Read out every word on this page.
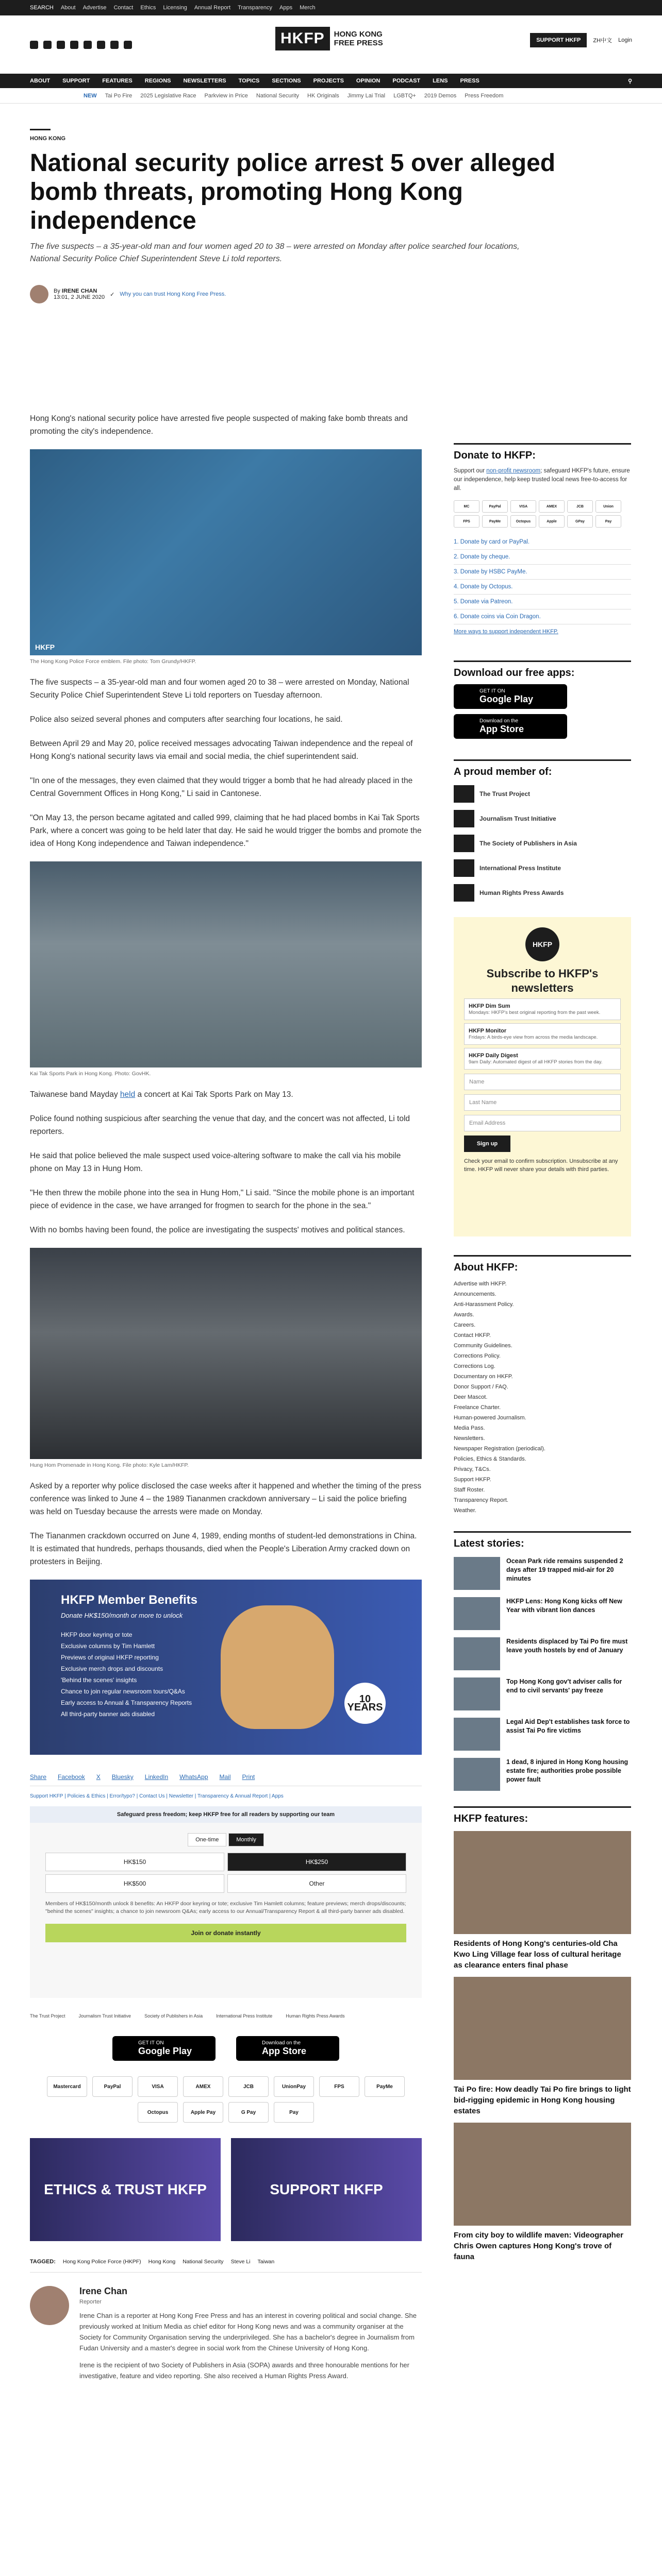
SEARCH About Advertise Contact Ethics Licensing Annual Report Transparency Apps Merch
HKFP	HONG KONG
FREE PRESS	SUPPORT HKFP	ZH中文 Login
ABOUT SUPPORT FEATURES REGIONS NEWSLETTERS TOPICS SECTIONS PROJECTS OPINION PODCAST LENS PRESS	⚲
NEW Tai Po Fire 2025 Legislative Race Parkview in Price National Security HK Originals Jimmy Lai Trial LGBTQ+ 2019 Demos Press Freedom
HONG KONG
National security police arrest 5 over alleged bomb threats, promoting Hong Kong independence
The five suspects – a 35-year-old man and four women aged 20 to 38 – were arrested on Monday after police searched four locations, National Security Police Chief Superintendent Steve Li told reporters.
By IRENE CHAN
13:01, 2 JUNE 2020 ✓ Why you can trust Hong Kong Free Press.

Hong Kong's national security police have arrested five people suspected of making fake bomb threats and promoting the city's independence.

HKFP
The Hong Kong Police Force emblem. File photo: Tom Grundy/HKFP.

The five suspects – a 35-year-old man and four women aged 20 to 38 – were arrested on Monday, National Security Police Chief Superintendent Steve Li told reporters on Tuesday afternoon.

Police also seized several phones and computers after searching four locations, he said.

Between April 29 and May 20, police received messages advocating Taiwan independence and the repeal of Hong Kong's national security laws via email and social media, the chief superintendent said.

"In one of the messages, they even claimed that they would trigger a bomb that he had already placed in the Central Government Offices in Hong Kong," Li said in Cantonese.

"On May 13, the person became agitated and called 999, claiming that he had placed bombs in Kai Tak Sports Park, where a concert was going to be held later that day. He said he would trigger the bombs and promote the idea of Hong Kong independence and Taiwan independence."

Kai Tak Sports Park in Hong Kong. Photo: GovHK.

Taiwanese band Mayday held a concert at Kai Tak Sports Park on May 13.

Police found nothing suspicious after searching the venue that day, and the concert was not affected, Li told reporters.

He said that police believed the male suspect used voice-altering software to make the call via his mobile phone on May 13 in Hung Hom.

"He then threw the mobile phone into the sea in Hung Hom," Li said. "Since the mobile phone is an important piece of evidence in the case, we have arranged for frogmen to search for the phone in the sea."

With no bombs having been found, the police are investigating the suspects' motives and political stances.

Hung Hom Promenade in Hong Kong. File photo: Kyle Lam/HKFP.

Asked by a reporter why police disclosed the case weeks after it happened and whether the timing of the press conference was linked to June 4 – the 1989 Tiananmen crackdown anniversary – Li said the police briefing was held on Tuesday because the arrests were made on Monday.

The Tiananmen crackdown occurred on June 4, 1989, ending months of student-led demonstrations in China. It is estimated that hundreds, perhaps thousands, died when the People's Liberation Army cracked down on protesters in Beijing.

HKFP Member Benefits
Donate HK$150/month or more to unlock
HKFP door keyring or tote
Exclusive columns by Tim Hamlett
Previews of original HKFP reporting
Exclusive merch drops and discounts
'Behind the scenes' insights
Chance to join regular newsroom tours/Q&As
Early access to Annual & Transparency Reports
All third-party banner ads disabled
10 YEARS
Share Facebook X Bluesky LinkedIn WhatsApp Mail Print
Support HKFP | Policies & Ethics | Error/typo? | Contact Us | Newsletter | Transparency & Annual Report | Apps
Safeguard press freedom; keep HKFP free for all readers by supporting our team
One-time	Monthly
HK$150	HK$250
HK$500	Other
Members of HK$150/month unlock 8 benefits: An HKFP door keyring or tote; exclusive Tim Hamlett columns; feature previews; merch drops/discounts; "behind the scenes" insights; a chance to join newsroom Q&As; early access to our Annual/Transparency Report & all third-party banner ads disabled.
Join or donate instantly
The Trust Project	Journalism Trust Initiative	Society of Publishers in Asia	International Press Institute	Human Rights Press Awards
GET IT ON
Google Play
Download on the
App Store
Mastercard	PayPal	VISA	AMEX	JCB	UnionPay	FPS	PayMe
Octopus	Apple Pay	G Pay	Pay
ETHICS & TRUST HKFP	SUPPORT HKFP
TAGGED: Hong Kong Police Force (HKPF) Hong Kong National Security Steve Li Taiwan
Irene Chan
Reporter

Irene Chan is a reporter at Hong Kong Free Press and has an interest in covering political and social change. She previously worked at Initium Media as chief editor for Hong Kong news and was a community organiser at the Society for Community Organisation serving the underprivileged. She has a bachelor's degree in Journalism from Fudan University and a master's degree in social work from the Chinese University of Hong Kong.

Irene is the recipient of two Society of Publishers in Asia (SOPA) awards and three honourable mentions for her investigative, feature and video reporting. She also received a Human Rights Press Award.

Donate to HKFP:
Support our non-profit newsroom; safeguard HKFP's future, ensure our independence, help keep trusted local news free-to-access for all.
MC	PayPal	VISA	AMEX	JCB	Union
FPS	PayMe	Octopus	Apple	GPay	Pay
1. Donate by card or PayPal.
2. Donate by cheque.
3. Donate by HSBC PayMe.
4. Donate by Octopus.
5. Donate via Patreon.
6. Donate coins via Coin Dragon.
More ways to support independent HKFP.
Download our free apps:
GET IT ON
Google Play
Download on the
App Store
A proud member of:
The Trust Project
Journalism Trust Initiative
The Society of Publishers in Asia
International Press Institute
Human Rights Press Awards
HKFP
Subscribe to HKFP's newsletters
HKFP Dim Sum
Mondays: HKFP's best original reporting from the past week.
HKFP Monitor
Fridays: A birds-eye view from across the media landscape.
HKFP Daily Digest
9am Daily: Automated digest of all HKFP stories from the day.
Name
Last Name
Email Address
Sign up
Check your email to confirm subscription. Unsubscribe at any time. HKFP will never share your details with third parties.
About HKFP:
Advertise with HKFP.
Announcements.
Anti-Harassment Policy.
Awards.
Careers.
Contact HKFP.
Community Guidelines.
Corrections Policy.
Corrections Log.
Documentary on HKFP.
Donor Support / FAQ.
Deer Mascot.
Freelance Charter.
Human-powered Journalism.
Media Pass.
Newsletters.
Newspaper Registration (periodical).
Policies, Ethics & Standards.
Privacy, T&Cs.
Support HKFP.
Staff Roster.
Transparency Report.
Weather.
Latest stories:
Ocean Park ride remains suspended 2 days after 19 trapped mid-air for 20 minutes
HKFP Lens: Hong Kong kicks off New Year with vibrant lion dances
Residents displaced by Tai Po fire must leave youth hostels by end of January
Top Hong Kong gov't adviser calls for end to civil servants' pay freeze
Legal Aid Dep't establishes task force to assist Tai Po fire victims
1 dead, 8 injured in Hong Kong housing estate fire; authorities probe possible power fault
HKFP features:
Residents of Hong Kong's centuries-old Cha Kwo Ling Village fear loss of cultural heritage as clearance enters final phase
Tai Po fire: How deadly Tai Po fire brings to light bid-rigging epidemic in Hong Kong housing estates
From city boy to wildlife maven: Videographer Chris Owen captures Hong Kong's trove of fauna
